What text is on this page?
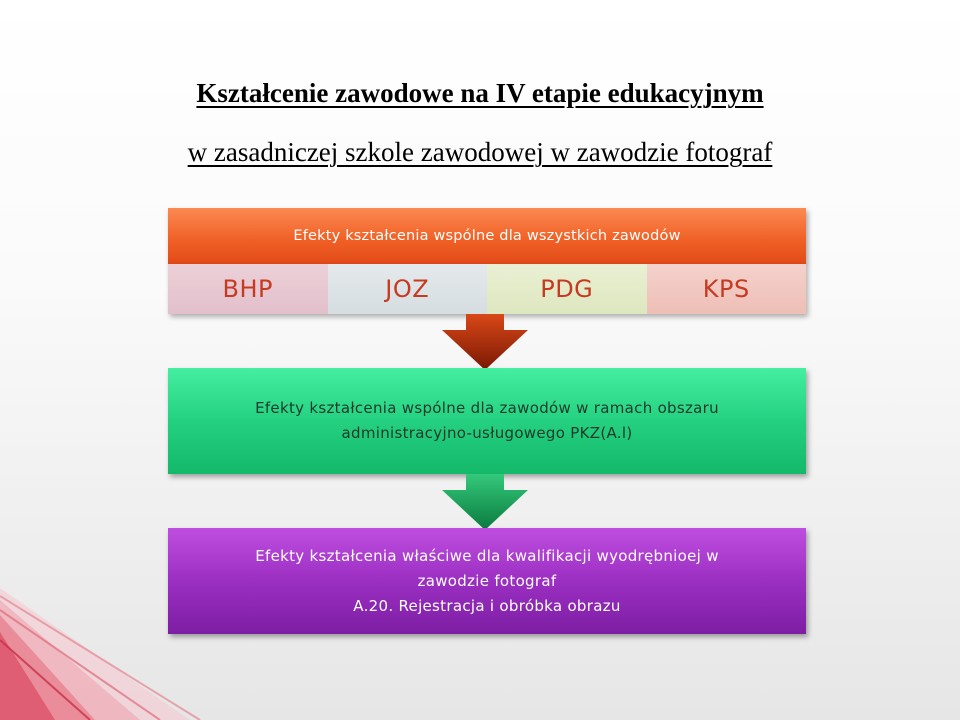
Kształcenie zawodowe na IV etapie edukacyjnym
w zasadniczej szkole zawodowej w zawodzie fotograf
Efekty kształcenia wspólne dla wszystkich zawodów
BHP	JOZ	PDG	KPS
Efekty kształcenia wspólne dla zawodów w ramach obszaru
administracyjno-usługowego PKZ(A.l)
Efekty kształcenia właściwe dla kwalifikacji wyodrębnioej w
zawodzie fotograf
A.20. Rejestracja i obróbka obrazu
